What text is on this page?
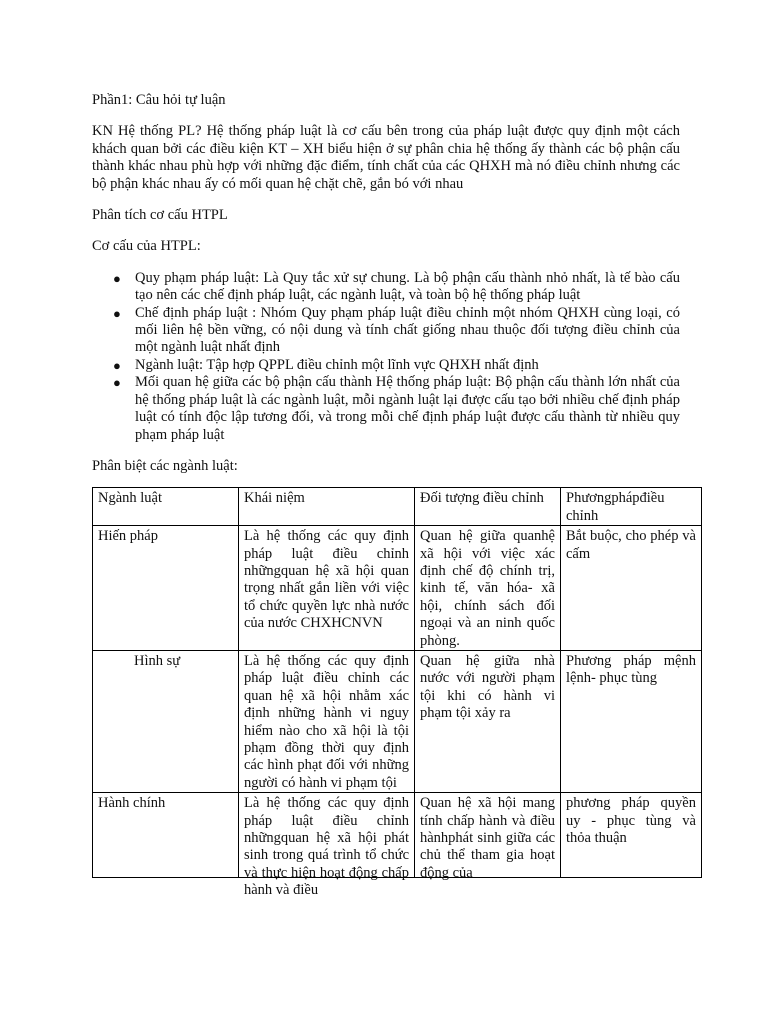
Phần1: Câu hỏi tự luận

KN Hệ thống PL? Hệ thống pháp luật là cơ cấu bên trong của pháp luật được quy định một cách khách quan bởi các điều kiện KT – XH biểu hiện ở sự phân chia hệ thống ấy thành các bộ phận cấu thành khác nhau phù hợp với những đặc điểm, tính chất của các QHXH mà nó điều chỉnh nhưng các bộ phận khác nhau ấy có mối quan hệ chặt chẽ, gắn bó với nhau

Phân tích cơ cấu HTPL

Cơ cấu của HTPL:

● Quy phạm pháp luật: Là Quy tắc xử sự chung. Là bộ phận cấu thành nhỏ nhất, là tế bào cấu tạo nên các chế định pháp luật, các ngành luật, và toàn bộ hệ thống pháp luật
● Chế định pháp luật : Nhóm Quy phạm pháp luật điều chỉnh một nhóm QHXH cùng loại, có mối liên hệ bền vững, có nội dung và tính chất giống nhau thuộc đối tượng điều chỉnh của một ngành luật nhất định
● Ngành luật: Tập hợp QPPL điều chỉnh một lĩnh vực QHXH nhất định
● Mối quan hệ giữa các bộ phận cấu thành Hệ thống pháp luật: Bộ phận cấu thành lớn nhất của hệ thống pháp luật là các ngành luật, mỗi ngành luật lại được cấu tạo bởi nhiều chế định pháp luật có tính độc lập tương đối, và trong mỗi chế định pháp luật được cấu thành từ nhiều quy phạm pháp luật

Phân biệt các ngành luật:

Ngành luật	Khái niệm	Đối tượng điều chỉnh	Phươngphápđiều chỉnh
Hiến pháp	Là hệ thống các quy định pháp luật điều chỉnh nhữngquan hệ xã hội quan trọng nhất gắn liền với việc tổ chức quyền lực nhà nước của nước CHXHCNVN	Quan hệ giữa quanhệ xã hội với việc xác định chế độ chính trị, kinh tế, văn hóa- xã hội, chính sách đối ngoại và an ninh quốc phòng.	Bắt buộc, cho phép và cấm
Hình sự	Là hệ thống các quy định pháp luật điều chỉnh các quan hệ xã hội nhằm xác định những hành vi nguy hiểm nào cho xã hội là tội phạm đồng thời quy định các hình phạt đối với những người có hành vi phạm tội	Quan hệ giữa nhà nước với người phạm tội khi có hành vi phạm tội xảy ra	Phương pháp mệnh lệnh- phục tùng

Hành chính	Là hệ thống các quy định pháp luật điều chỉnh nhữngquan hệ xã hội phát sinh trong quá trình tổ chức và thực hiện hoạt động chấp hành và điều	Quan hệ xã hội mang tính chấp hành và điều hànhphát sinh giữa các chủ thể tham gia hoạt động của	phương pháp quyền uy - phục tùng và thỏa thuận
